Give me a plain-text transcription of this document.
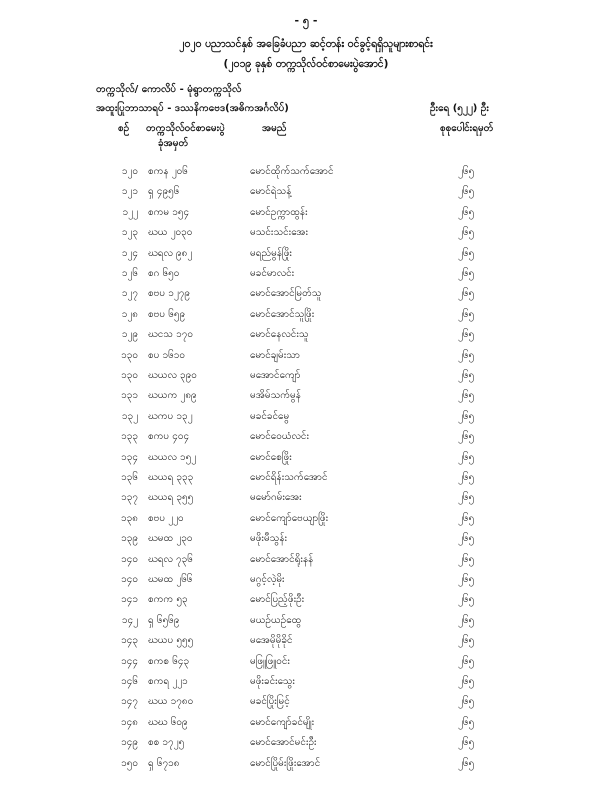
- ၅ -
၂၀၂၀ ပညာသင်နှစ် အခြေခံပညာ ဆင့်တန်း ဝင်ခွင့်ရရှိသူများစာရင်း
(၂၀၁၉ ခုနှစ် တက္ကသိုလ်ဝင်စာမေးပွဲအောင်)
တက္ကသိုလ်/ ကောလိပ် - မုံရွာတက္ကသိုလ်
အထူးပြုဘာသာရပ် - ဒဿနိကဗေဒ(အဓိကအင်္ဂလိပ်)	ဦးရေ (၅၂၂) ဦး
စဉ် တက္ကသိုလ်ဝင်စာမေးပွဲ
ခုံအမှတ်
အမည်	စုစုပေါင်းရမှတ်
၁၂၀ စကန ၂၀၆	မောင်ထိုက်သက်အောင်	၂၆၅
၁၂၁ ရှ ၄၉၅၆	မောင်ရဲသန့်	၂၆၅
၁၂၂ စကမ ၁၅၄	မောင်ဥက္ကာထွန်း	၂၆၅
၁၂၃ ဃယ ၂၀၃၀	မသင်းသင်းအေး	၂၆၅
၁၂၄ ဃရလ ၉၈၂	မရည်မွန်ဖြိုး	၂၆၅
၁၂၆ စဂ ၆၅၀	မခင်မာလင်း	၂၆၅
၁၂၇ စဗပ ၁၂၇၉	မောင်အောင်မြတ်သူ	၂၆၅
၁၂၈ စဗပ ၆၅၉	မောင်အောင်သူဖြိုး	၂၆၅
၁၂၉ ဃငသ ၁၇၀	မောင်နေလင်းသူ	၂၆၅
၁၃၀ စပ ၁၆၁၀	မောင်ချမ်းသာ	၂၆၅
၁၃၀ ဃယလ ၃၉၀	မအောင်ကျော်	၂၆၅
၁၃၁ ဃယက ၂၈၉	မအိမ်သက်မွန်	၂၆၅
၁၃၂ ဃကပ ၁၃၂	မခင်ခင်မွေ	၂၆၅
၁၃၃ စကပ ၄၀၄	မောင်ဝေယံလင်း	၂၆၅
၁၃၄ ဃယလ ၁၅၂	မောင်စေဖြိုး	၂၆၅
၁၃၆ ဃယရ ၃၃၃	မောင်ရိန်းသက်အောင်	၂၆၅
၁၃၇ ဃယရ ၃၅၅	မမော်ဂမ်းအေး	၂၆၅
၁၃၈ စဗပ ၂၂၀	မောင်ကျော်ဗေယျာဖြိုး	၂၆၅
၁၃၉ ဃမထ ၂၃၀	မဖိုးမီသွန်း	၂၆၅
၁၄၀ ဃရလ ၇၃၆	မောင်အောင်ရိုးနန်	၂၆၅
၁၄၀ ဃမထ ၂၆၆	မဂွင့်လဲ့မိုး	၂၆၅
၁၄၁ စကက ၅၃	မောင်ပြည့်ဖိုးဦး	၂၆၅
၁၄၂ ရှ ၆၅၆၉	မယဉ်ယဉ်ထွေ	၂၆၅
၁၄၃ ဃယပ ၅၅၅	မအေမိုမိုခိုင်	၂၆၅
၁၄၄ စကစ ၆၄၃	မဖြူဖြူဝင်း	၂၆၅
၁၄၆ စကရ ၂၂၁	မဖိုးခင်းသွေး	၂၆၅
၁၄၇ ဃယ ၁၇၈၀	မခင်ပြိုးမြင့်	၂၆၅
၁၄၈ ဃဃ ၆၀၉	မောင်ကျော်ခင်မျိုး	၂၆၅
၁၄၉ စစ ၁၇၂၅	မောင်အောင်မင်းဦး	၂၆၅
၁၅၀ ရှ ၆၇၁၈	မောင်ပြိုမ်းဖြိုးအောင်	၂၆၅
